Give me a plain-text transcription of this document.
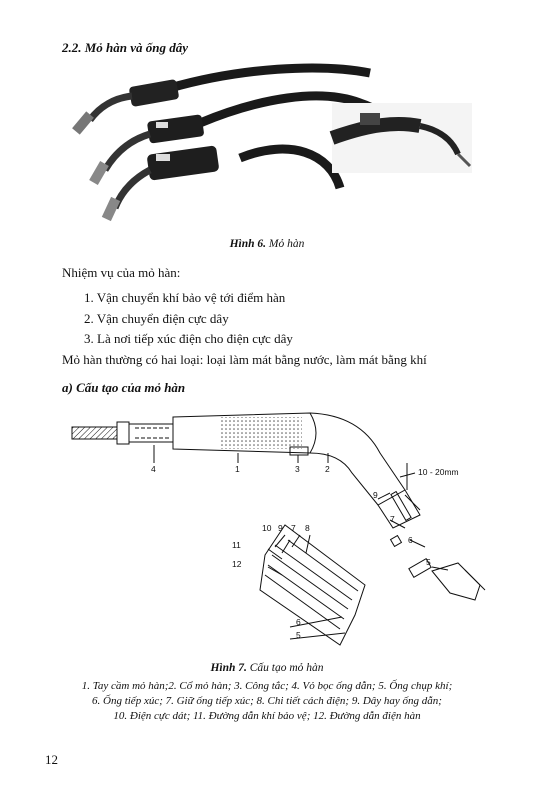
2.2. Mỏ hàn và ống dây
Hình 6. Mỏ hàn
Nhiệm vụ của mỏ hàn:
1. Vận chuyển khí bảo vệ tới điểm hàn
2. Vận chuyển điện cực dây
3. Là nơi tiếp xúc điện cho điện cực dây
Mỏ hàn thường có hai loại: loại làm mát bằng nước, làm mát bằng khí
a) Cấu tạo của mỏ hàn
4	1	3	2	10 - 20mm
9
7
6
5
10 9 7 8
11
12
6
5
Hình 7. Cấu tạo mỏ hàn
1. Tay cầm mỏ hàn;2. Cổ mỏ hàn; 3. Công tắc; 4. Vỏ bọc ống dẫn; 5. Ống chụp khí;
6. Ống tiếp xúc; 7. Giữ ống tiếp xúc; 8. Chi tiết cách điện; 9. Dây hay ống dẫn;
10. Điện cực dát; 11. Đường dẫn khí bảo vệ; 12. Đường dẫn điện hàn
12
